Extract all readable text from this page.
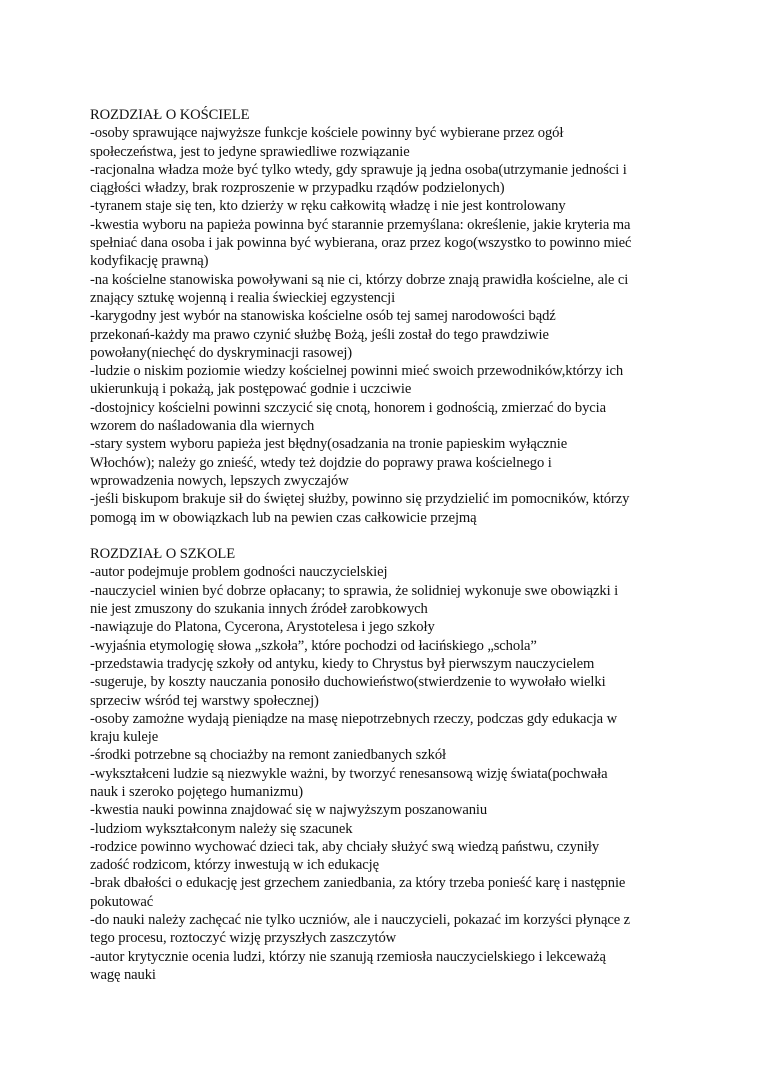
ROZDZIAŁ O KOŚCIELE

-osoby sprawujące najwyższe funkcje kościele powinny być wybierane przez ogół

społeczeństwa, jest to jedyne sprawiedliwe rozwiązanie

-racjonalna władza może być tylko wtedy, gdy sprawuje ją jedna osoba(utrzymanie jedności i

ciągłości władzy, brak rozproszenie w przypadku rządów podzielonych)

-tyranem staje się ten, kto dzierży w ręku całkowitą władzę i nie jest kontrolowany

-kwestia wyboru na papieża powinna być starannie przemyślana: określenie, jakie kryteria ma

spełniać dana osoba i jak powinna być wybierana, oraz przez kogo(wszystko to powinno mieć

kodyfikację prawną)

-na kościelne stanowiska powoływani są nie ci, którzy dobrze znają prawidła kościelne, ale ci

znający sztukę wojenną i realia świeckiej egzystencji

-karygodny jest wybór na stanowiska kościelne osób tej samej narodowości bądź

przekonań-każdy ma prawo czynić służbę Bożą, jeśli został do tego prawdziwie

powołany(niechęć do dyskryminacji rasowej)

-ludzie o niskim poziomie wiedzy kościelnej powinni mieć swoich przewodników,którzy ich

ukierunkują i pokażą, jak postępować godnie i uczciwie

-dostojnicy kościelni powinni szczycić się cnotą, honorem i godnością, zmierzać do bycia

wzorem do naśladowania dla wiernych

-stary system wyboru papieża jest błędny(osadzania na tronie papieskim wyłącznie

Włochów); należy go znieść, wtedy też dojdzie do poprawy prawa kościelnego i

wprowadzenia nowych, lepszych zwyczajów

-jeśli biskupom brakuje sił do świętej służby, powinno się przydzielić im pomocników, którzy

pomogą im w obowiązkach lub na pewien czas całkowicie przejmą

ROZDZIAŁ O SZKOLE

-autor podejmuje problem godności nauczycielskiej

-nauczyciel winien być dobrze opłacany; to sprawia, że solidniej wykonuje swe obowiązki i

nie jest zmuszony do szukania innych źródeł zarobkowych

-nawiązuje do Platona, Cycerona, Arystotelesa i jego szkoły

-wyjaśnia etymologię słowa „szkoła”, które pochodzi od łacińskiego „schola”

-przedstawia tradycję szkoły od antyku, kiedy to Chrystus był pierwszym nauczycielem

-sugeruje, by koszty nauczania ponosiło duchowieństwo(stwierdzenie to wywołało wielki

sprzeciw wśród tej warstwy społecznej)

-osoby zamożne wydają pieniądze na masę niepotrzebnych rzeczy, podczas gdy edukacja w

kraju kuleje

-środki potrzebne są chociażby na remont zaniedbanych szkół

-wykształceni ludzie są niezwykle ważni, by tworzyć renesansową wizję świata(pochwała

nauk i szeroko pojętego humanizmu)

-kwestia nauki powinna znajdować się w najwyższym poszanowaniu

-ludziom wykształconym należy się szacunek

-rodzice powinno wychować dzieci tak, aby chciały służyć swą wiedzą państwu, czyniły

zadość rodzicom, którzy inwestują w ich edukację

-brak dbałości o edukację jest grzechem zaniedbania, za który trzeba ponieść karę i następnie

pokutować

-do nauki należy zachęcać nie tylko uczniów, ale i nauczycieli, pokazać im korzyści płynące z

tego procesu, roztoczyć wizję przyszłych zaszczytów

-autor krytycznie ocenia ludzi, którzy nie szanują rzemiosła nauczycielskiego i lekceważą

wagę nauki
